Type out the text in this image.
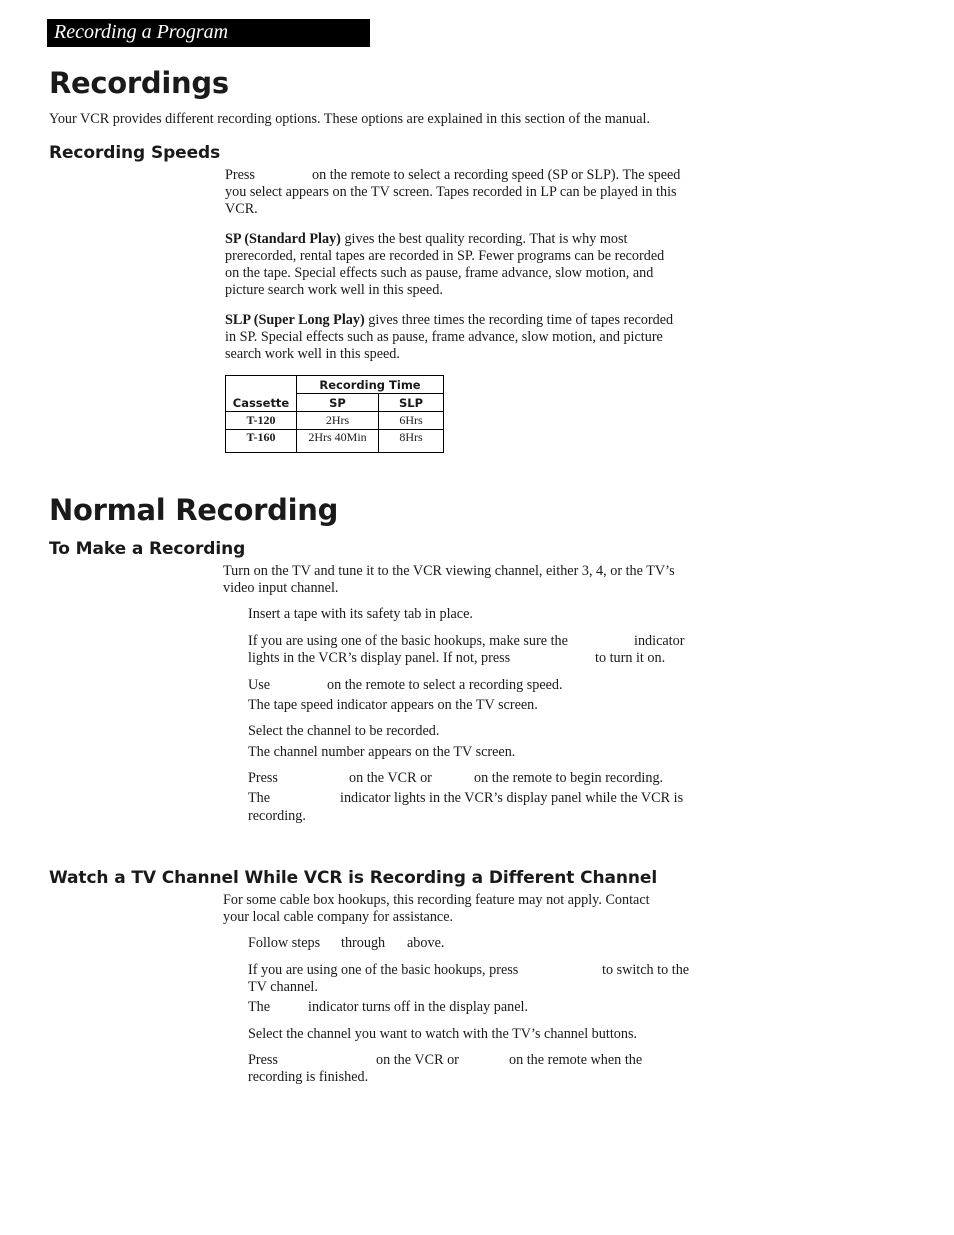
Recording a Program
Recordings
Your VCR provides different recording options. These options are explained in this section of the manual.
Recording Speeds
Press	on the remote to select a recording speed (SP or SLP). The speed
you select appears on the TV screen. Tapes recorded in LP can be played in this
VCR.
SP (Standard Play) gives the best quality recording. That is why most
prerecorded, rental tapes are recorded in SP. Fewer programs can be recorded
on the tape. Special effects such as pause, frame advance, slow motion, and
picture search work well in this speed.
SLP (Super Long Play) gives three times the recording time of tapes recorded
in SP. Special effects such as pause, frame advance, slow motion, and picture
search work well in this speed.
Cassette	Recording Time	
	SP	SLP
T-120	2Hrs	6Hrs
T-160	2Hrs 40Min	8Hrs
Normal Recording
To Make a Recording
Turn on the TV and tune it to the VCR viewing channel, either 3, 4, or the TV’s
video input channel.
Insert a tape with its safety tab in place.
If you are using one of the basic hookups, make sure the	indicator
lights in the VCR’s display panel. If not, press	to turn it on.
Use	on the remote to select a recording speed.
The tape speed indicator appears on the TV screen.
Select the channel to be recorded.
The channel number appears on the TV screen.
Press	on the VCR or	on the remote to begin recording.
The	indicator lights in the VCR’s display panel while the VCR is
recording.
Watch a TV Channel While VCR is Recording a Different Channel
For some cable box hookups, this recording feature may not apply. Contact
your local cable company for assistance.
Follow steps through above.
If you are using one of the basic hookups, press	to switch to the
TV channel.
The	indicator turns off in the display panel.
Select the channel you want to watch with the TV’s channel buttons.
Press	on the VCR or	on the remote when the
recording is finished.
